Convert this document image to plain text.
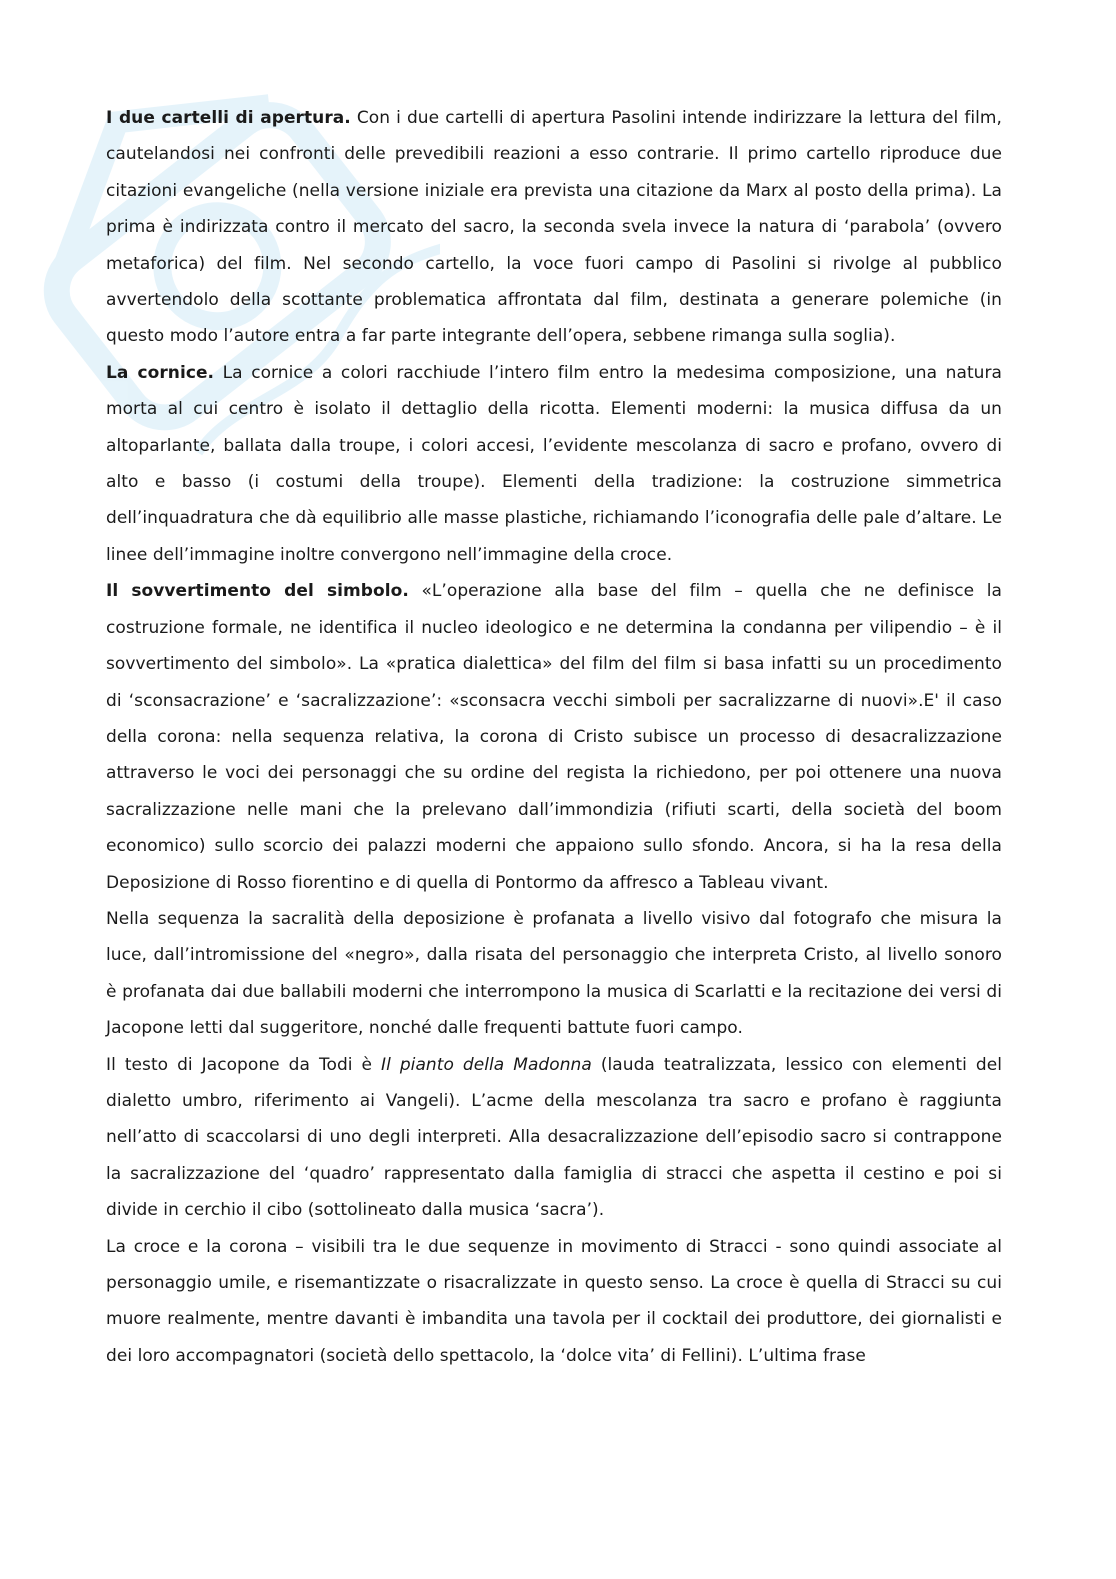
I due cartelli di apertura. Con i due cartelli di apertura Pasolini intende indirizzare la lettura del film, cautelandosi nei confronti delle prevedibili reazioni a esso contrarie. Il primo cartello riproduce due citazioni evangeliche (nella versione iniziale era prevista una citazione da Marx al posto della prima). La prima è indirizzata contro il mercato del sacro, la seconda svela invece la natura di ‘parabola’ (ovvero metaforica) del film. Nel secondo cartello, la voce fuori campo di Pasolini si rivolge al pubblico avvertendolo della scottante problematica affrontata dal film, destinata a generare polemiche (in questo modo l’autore entra a far parte integrante dell’opera, sebbene rimanga sulla soglia).

La cornice. La cornice a colori racchiude l’intero film entro la medesima composizione, una natura morta al cui centro è isolato il dettaglio della ricotta. Elementi moderni: la musica diffusa da un altoparlante, ballata dalla troupe, i colori accesi, l’evidente mescolanza di sacro e profano, ovvero di alto e basso (i costumi della troupe). Elementi della tradizione: la costruzione simmetrica dell’inquadratura che dà equilibrio alle masse plastiche, richiamando l’iconografia delle pale d’altare. Le linee dell’immagine inoltre convergono nell’immagine della croce.

Il sovvertimento del simbolo. «L’operazione alla base del film – quella che ne definisce la costruzione formale, ne identifica il nucleo ideologico e ne determina la condanna per vilipendio – è il sovvertimento del simbolo». La «pratica dialettica» del film del film si basa infatti su un procedimento di ‘sconsacrazione’ e ‘sacralizzazione’: «sconsacra vecchi simboli per sacralizzarne di nuovi».E' il caso della corona: nella sequenza relativa, la corona di Cristo subisce un processo di desacralizzazione attraverso le voci dei personaggi che su ordine del regista la richiedono, per poi ottenere una nuova sacralizzazione nelle mani che la prelevano dall’immondizia (rifiuti scarti, della società del boom economico) sullo scorcio dei palazzi moderni che appaiono sullo sfondo. Ancora, si ha la resa della Deposizione di Rosso fiorentino e di quella di Pontormo da affresco a Tableau vivant.

Nella sequenza la sacralità della deposizione è profanata a livello visivo dal fotografo che misura la luce, dall’intromissione del «negro», dalla risata del personaggio che interpreta Cristo, al livello sonoro è profanata dai due ballabili moderni che interrompono la musica di Scarlatti e la recitazione dei versi di Jacopone letti dal suggeritore, nonché dalle frequenti battute fuori campo.

Il testo di Jacopone da Todi è Il pianto della Madonna (lauda teatralizzata, lessico con elementi del dialetto umbro, riferimento ai Vangeli). L’acme della mescolanza tra sacro e profano è raggiunta nell’atto di scaccolarsi di uno degli interpreti. Alla desacralizzazione dell’episodio sacro si contrappone la sacralizzazione del ‘quadro’ rappresentato dalla famiglia di stracci che aspetta il cestino e poi si divide in cerchio il cibo (sottolineato dalla musica ‘sacra’).

La croce e la corona – visibili tra le due sequenze in movimento di Stracci - sono quindi associate al personaggio umile, e risemantizzate o risacralizzate in questo senso. La croce è quella di Stracci su cui muore realmente, mentre davanti è imbandita una tavola per il cocktail dei produttore, dei giornalisti e dei loro accompagnatori (società dello spettacolo, la ‘dolce vita’ di Fellini). L’ultima frase
